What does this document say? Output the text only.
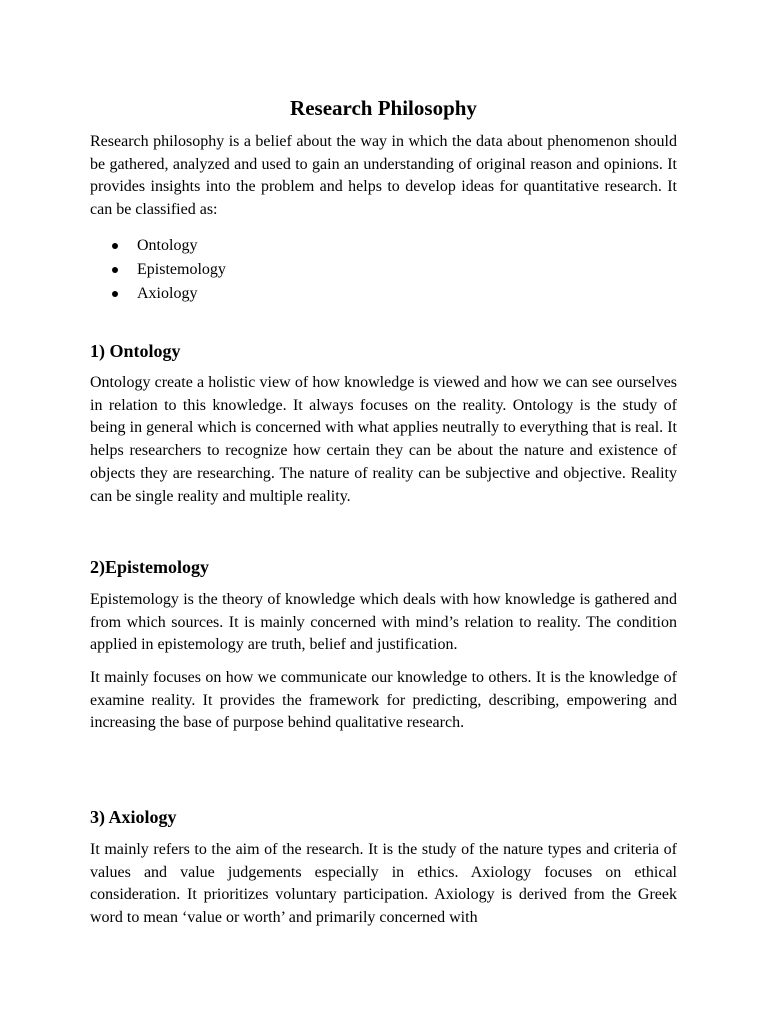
Research Philosophy

Research philosophy is a belief about the way in which the data about phenomenon should be gathered, analyzed and used to gain an understanding of original reason and opinions. It provides insights into the problem and helps to develop ideas for quantitative research. It can be classified as:

Ontology
Epistemology
Axiology
1) Ontology

Ontology create a holistic view of how knowledge is viewed and how we can see ourselves in relation to this knowledge. It always focuses on the reality. Ontology is the study of being in general which is concerned with what applies neutrally to everything that is real. It helps researchers to recognize how certain they can be about the nature and existence of objects they are researching. The nature of reality can be subjective and objective. Reality can be single reality and multiple reality.

2)Epistemology

Epistemology is the theory of knowledge which deals with how knowledge is gathered and from which sources. It is mainly concerned with mind’s relation to reality. The condition applied in epistemology are truth, belief and justification.

It mainly focuses on how we communicate our knowledge to others. It is the knowledge of examine reality. It provides the framework for predicting, describing, empowering and increasing the base of purpose behind qualitative research.

3) Axiology

It mainly refers to the aim of the research. It is the study of the nature types and criteria of values and value judgements especially in ethics. Axiology focuses on ethical consideration. It prioritizes voluntary participation. Axiology is derived from the Greek word to mean ‘value or worth’ and primarily concerned with
